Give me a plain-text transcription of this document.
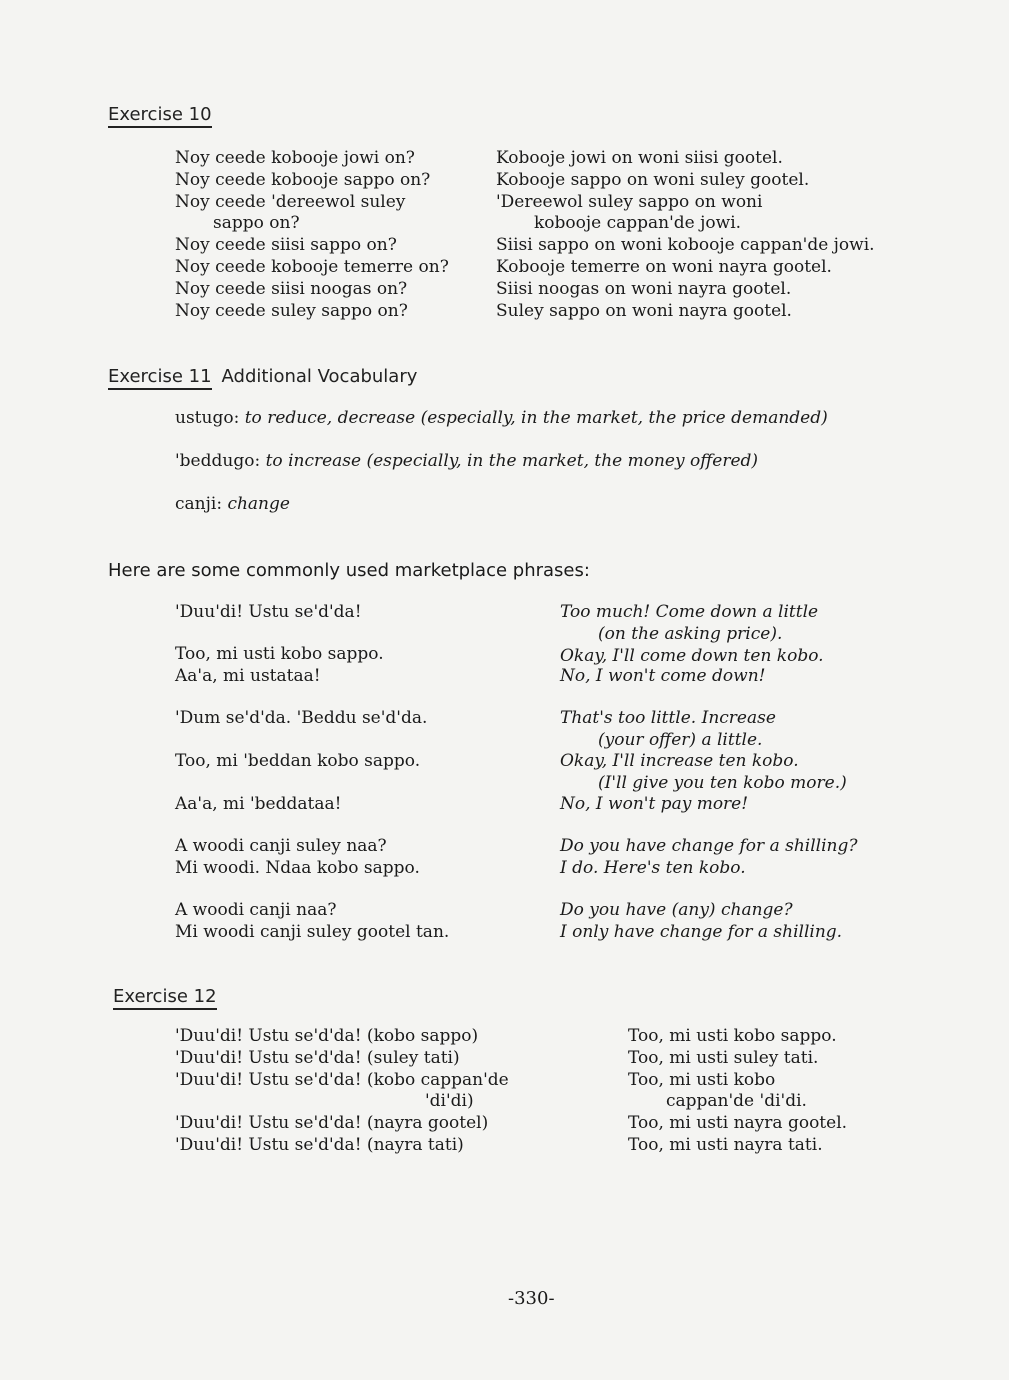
Exercise 10
Noy ceede kobooje jowi on?
Noy ceede kobooje sappo on?
Noy ceede 'dereewol suley
sappo on?
Noy ceede siisi sappo on?
Noy ceede kobooje temerre on?
Noy ceede siisi noogas on?
Noy ceede suley sappo on?
Kobooje jowi on woni siisi gootel.
Kobooje sappo on woni suley gootel.
'Dereewol suley sappo on woni
kobooje cappan'de jowi.
Siisi sappo on woni kobooje cappan'de jowi.
Kobooje temerre on woni nayra gootel.
Siisi noogas on woni nayra gootel.
Suley sappo on woni nayra gootel.
Exercise 11 Additional Vocabulary
ustugo: to reduce, decrease (especially, in the market, the price demanded)
'beddugo: to increase (especially, in the market, the money offered)
canji: change
Here are some commonly used marketplace phrases:
'Duu'di! Ustu se'd'da!
Too, mi usti kobo sappo.
Aa'a, mi ustataa!
'Dum se'd'da. 'Beddu se'd'da.
Too, mi 'beddan kobo sappo.
Aa'a, mi 'beddataa!
A woodi canji suley naa?
Mi woodi. Ndaa kobo sappo.
A woodi canji naa?
Mi woodi canji suley gootel tan.
Too much! Come down a little
(on the asking price).
Okay, I'll come down ten kobo.
No, I won't come down!
That's too little. Increase
(your offer) a little.
Okay, I'll increase ten kobo.
(I'll give you ten kobo more.)
No, I won't pay more!
Do you have change for a shilling?
I do. Here's ten kobo.
Do you have (any) change?
I only have change for a shilling.
Exercise 12
'Duu'di! Ustu se'd'da! (kobo sappo)
'Duu'di! Ustu se'd'da! (suley tati)
'Duu'di! Ustu se'd'da! (kobo cappan'de
'di'di)
'Duu'di! Ustu se'd'da! (nayra gootel)
'Duu'di! Ustu se'd'da! (nayra tati)
Too, mi usti kobo sappo.
Too, mi usti suley tati.
Too, mi usti kobo
cappan'de 'di'di.
Too, mi usti nayra gootel.
Too, mi usti nayra tati.
-330-
